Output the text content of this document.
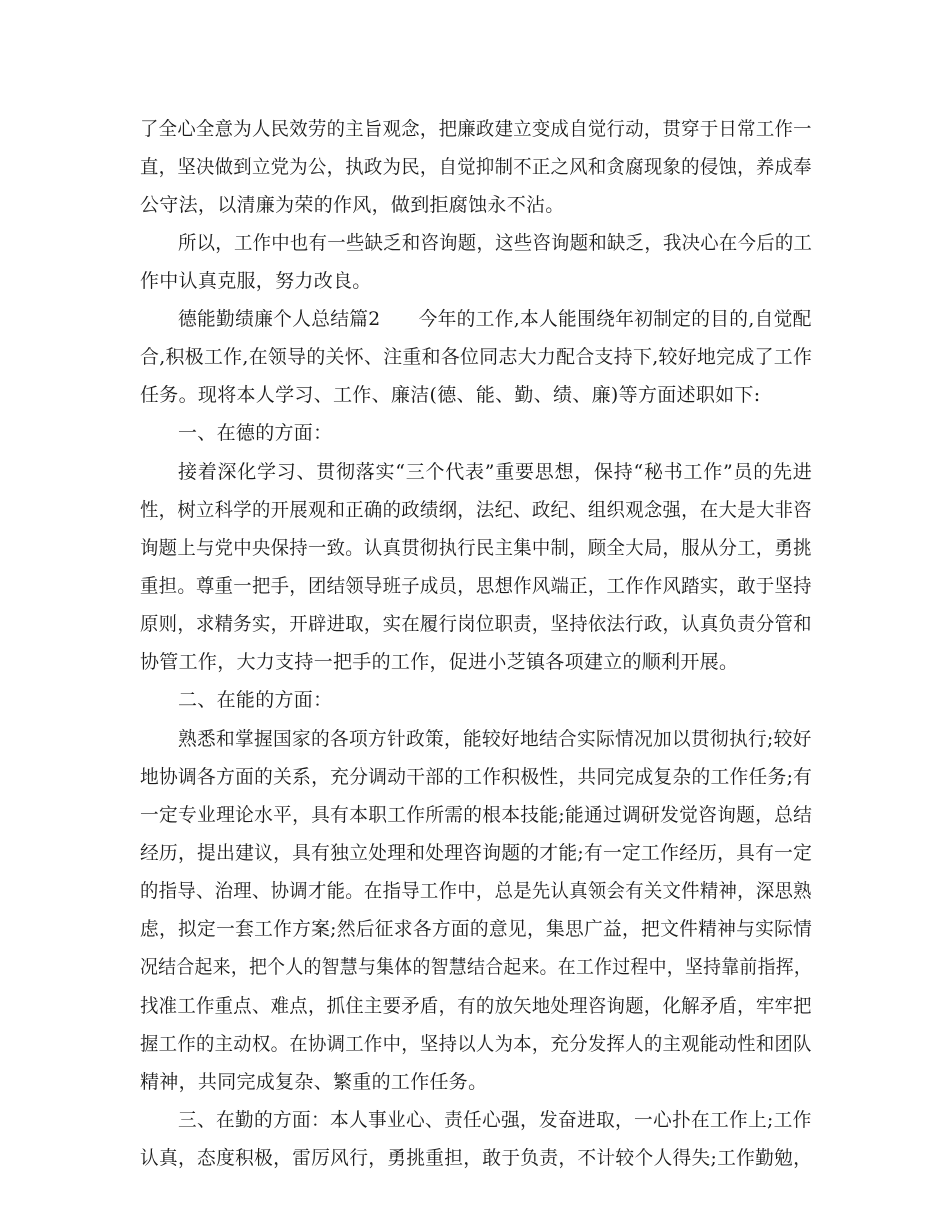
了全心全意为人民效劳的主旨观念，把廉政建立变成自觉行动，贯穿于日常工作一
直，坚决做到立党为公，执政为民，自觉抑制不正之风和贪腐现象的侵蚀，养成奉
公守法，以清廉为荣的作风，做到拒腐蚀永不沾。
所以，工作中也有一些缺乏和咨询题，这些咨询题和缺乏，我决心在今后的工
作中认真克服，努力改良。
德能勤绩廉个人总结篇2　　今年的工作,本人能围绕年初制定的目的,自觉配
合,积极工作,在领导的关怀、注重和各位同志大力配合支持下,较好地完成了工作
任务。现将本人学习、工作、廉洁(德、能、勤、绩、廉)等方面述职如下:
一、在德的方面：
接着深化学习、贯彻落实“三个代表”重要思想，保持“秘书工作”员的先进
性，树立科学的开展观和正确的政绩纲，法纪、政纪、组织观念强，在大是大非咨
询题上与党中央保持一致。认真贯彻执行民主集中制，顾全大局，服从分工，勇挑
重担。尊重一把手，团结领导班子成员，思想作风端正，工作作风踏实，敢于坚持
原则，求精务实，开辟进取，实在履行岗位职责，坚持依法行政，认真负责分管和
协管工作，大力支持一把手的工作，促进小芝镇各项建立的顺利开展。
二、在能的方面：
熟悉和掌握国家的各项方针政策，能较好地结合实际情况加以贯彻执行;较好
地协调各方面的关系，充分调动干部的工作积极性，共同完成复杂的工作任务;有
一定专业理论水平，具有本职工作所需的根本技能;能通过调研发觉咨询题，总结
经历，提出建议，具有独立处理和处理咨询题的才能;有一定工作经历，具有一定
的指导、治理、协调才能。在指导工作中，总是先认真领会有关文件精神，深思熟
虑，拟定一套工作方案;然后征求各方面的意见，集思广益，把文件精神与实际情
况结合起来，把个人的智慧与集体的智慧结合起来。在工作过程中，坚持靠前指挥，
找准工作重点、难点，抓住主要矛盾，有的放矢地处理咨询题，化解矛盾，牢牢把
握工作的主动权。在协调工作中，坚持以人为本，充分发挥人的主观能动性和团队
精神，共同完成复杂、繁重的工作任务。
三、在勤的方面：本人事业心、责任心强，发奋进取，一心扑在工作上;工作
认真，态度积极，雷厉风行，勇挑重担，敢于负责，不计较个人得失;工作勤勉，
